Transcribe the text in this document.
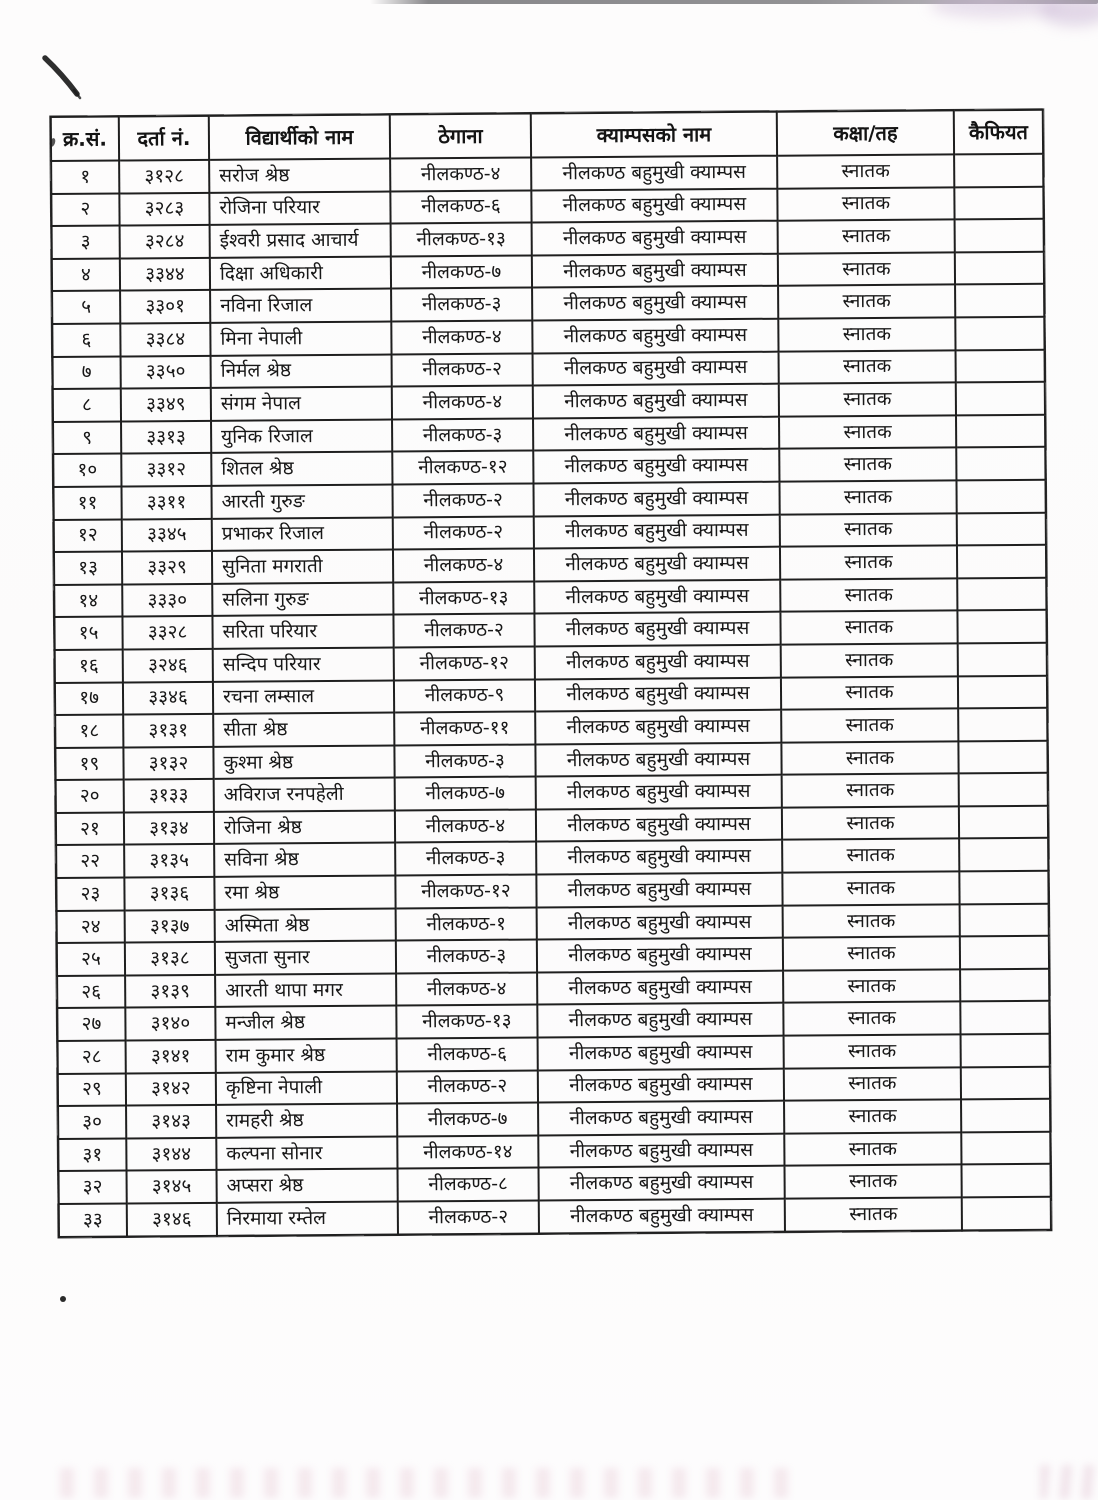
क्र.सं.	दर्ता नं.	विद्यार्थीको नाम	ठेगाना	क्याम्पसको नाम	कक्षा/तह	कैफियत
१	३१२८	सरोज श्रेष्ठ	नीलकण्ठ-४	नीलकण्ठ बहुमुखी क्याम्पस	स्नातक	
२	३२८३	रोजिना परियार	नीलकण्ठ-६	नीलकण्ठ बहुमुखी क्याम्पस	स्नातक	
३	३२८४	ईश्वरी प्रसाद आचार्य	नीलकण्ठ-१३	नीलकण्ठ बहुमुखी क्याम्पस	स्नातक	
४	३३४४	दिक्षा अधिकारी	नीलकण्ठ-७	नीलकण्ठ बहुमुखी क्याम्पस	स्नातक	
५	३३०१	नविना रिजाल	नीलकण्ठ-३	नीलकण्ठ बहुमुखी क्याम्पस	स्नातक	
६	३३८४	मिना नेपाली	नीलकण्ठ-४	नीलकण्ठ बहुमुखी क्याम्पस	स्नातक	
७	३३५०	निर्मल श्रेष्ठ	नीलकण्ठ-२	नीलकण्ठ बहुमुखी क्याम्पस	स्नातक	
८	३३४९	संगम नेपाल	नीलकण्ठ-४	नीलकण्ठ बहुमुखी क्याम्पस	स्नातक	
९	३३१३	युनिक रिजाल	नीलकण्ठ-३	नीलकण्ठ बहुमुखी क्याम्पस	स्नातक	
१०	३३१२	शितल श्रेष्ठ	नीलकण्ठ-१२	नीलकण्ठ बहुमुखी क्याम्पस	स्नातक	
११	३३११	आरती गुरुङ	नीलकण्ठ-२	नीलकण्ठ बहुमुखी क्याम्पस	स्नातक	
१२	३३४५	प्रभाकर रिजाल	नीलकण्ठ-२	नीलकण्ठ बहुमुखी क्याम्पस	स्नातक	
१३	३३२९	सुनिता मगराती	नीलकण्ठ-४	नीलकण्ठ बहुमुखी क्याम्पस	स्नातक	
१४	३३३०	सलिना गुरुङ	नीलकण्ठ-१३	नीलकण्ठ बहुमुखी क्याम्पस	स्नातक	
१५	३३२८	सरिता परियार	नीलकण्ठ-२	नीलकण्ठ बहुमुखी क्याम्पस	स्नातक	
१६	३२४६	सन्दिप परियार	नीलकण्ठ-१२	नीलकण्ठ बहुमुखी क्याम्पस	स्नातक	
१७	३३४६	रचना लम्साल	नीलकण्ठ-९	नीलकण्ठ बहुमुखी क्याम्पस	स्नातक	
१८	३१३१	सीता श्रेष्ठ	नीलकण्ठ-११	नीलकण्ठ बहुमुखी क्याम्पस	स्नातक	
१९	३१३२	कुश्मा श्रेष्ठ	नीलकण्ठ-३	नीलकण्ठ बहुमुखी क्याम्पस	स्नातक	
२०	३१३३	अविराज रनपहेली	नीलकण्ठ-७	नीलकण्ठ बहुमुखी क्याम्पस	स्नातक	
२१	३१३४	रोजिना श्रेष्ठ	नीलकण्ठ-४	नीलकण्ठ बहुमुखी क्याम्पस	स्नातक	
२२	३१३५	सविना श्रेष्ठ	नीलकण्ठ-३	नीलकण्ठ बहुमुखी क्याम्पस	स्नातक	
२३	३१३६	रमा श्रेष्ठ	नीलकण्ठ-१२	नीलकण्ठ बहुमुखी क्याम्पस	स्नातक	
२४	३१३७	अस्मिता श्रेष्ठ	नीलकण्ठ-१	नीलकण्ठ बहुमुखी क्याम्पस	स्नातक	
२५	३१३८	सुजता सुनार	नीलकण्ठ-३	नीलकण्ठ बहुमुखी क्याम्पस	स्नातक	
२६	३१३९	आरती थापा मगर	नीलकण्ठ-४	नीलकण्ठ बहुमुखी क्याम्पस	स्नातक	
२७	३१४०	मन्जील श्रेष्ठ	नीलकण्ठ-१३	नीलकण्ठ बहुमुखी क्याम्पस	स्नातक	
२८	३१४१	राम कुमार श्रेष्ठ	नीलकण्ठ-६	नीलकण्ठ बहुमुखी क्याम्पस	स्नातक	
२९	३१४२	कृष्टिना नेपाली	नीलकण्ठ-२	नीलकण्ठ बहुमुखी क्याम्पस	स्नातक	
३०	३१४३	रामहरी श्रेष्ठ	नीलकण्ठ-७	नीलकण्ठ बहुमुखी क्याम्पस	स्नातक	
३१	३१४४	कल्पना सोनार	नीलकण्ठ-१४	नीलकण्ठ बहुमुखी क्याम्पस	स्नातक	
३२	३१४५	अप्सरा श्रेष्ठ	नीलकण्ठ-८	नीलकण्ठ बहुमुखी क्याम्पस	स्नातक	
३३	३१४६	निरमाया रम्तेल	नीलकण्ठ-२	नीलकण्ठ बहुमुखी क्याम्पस	स्नातक	
